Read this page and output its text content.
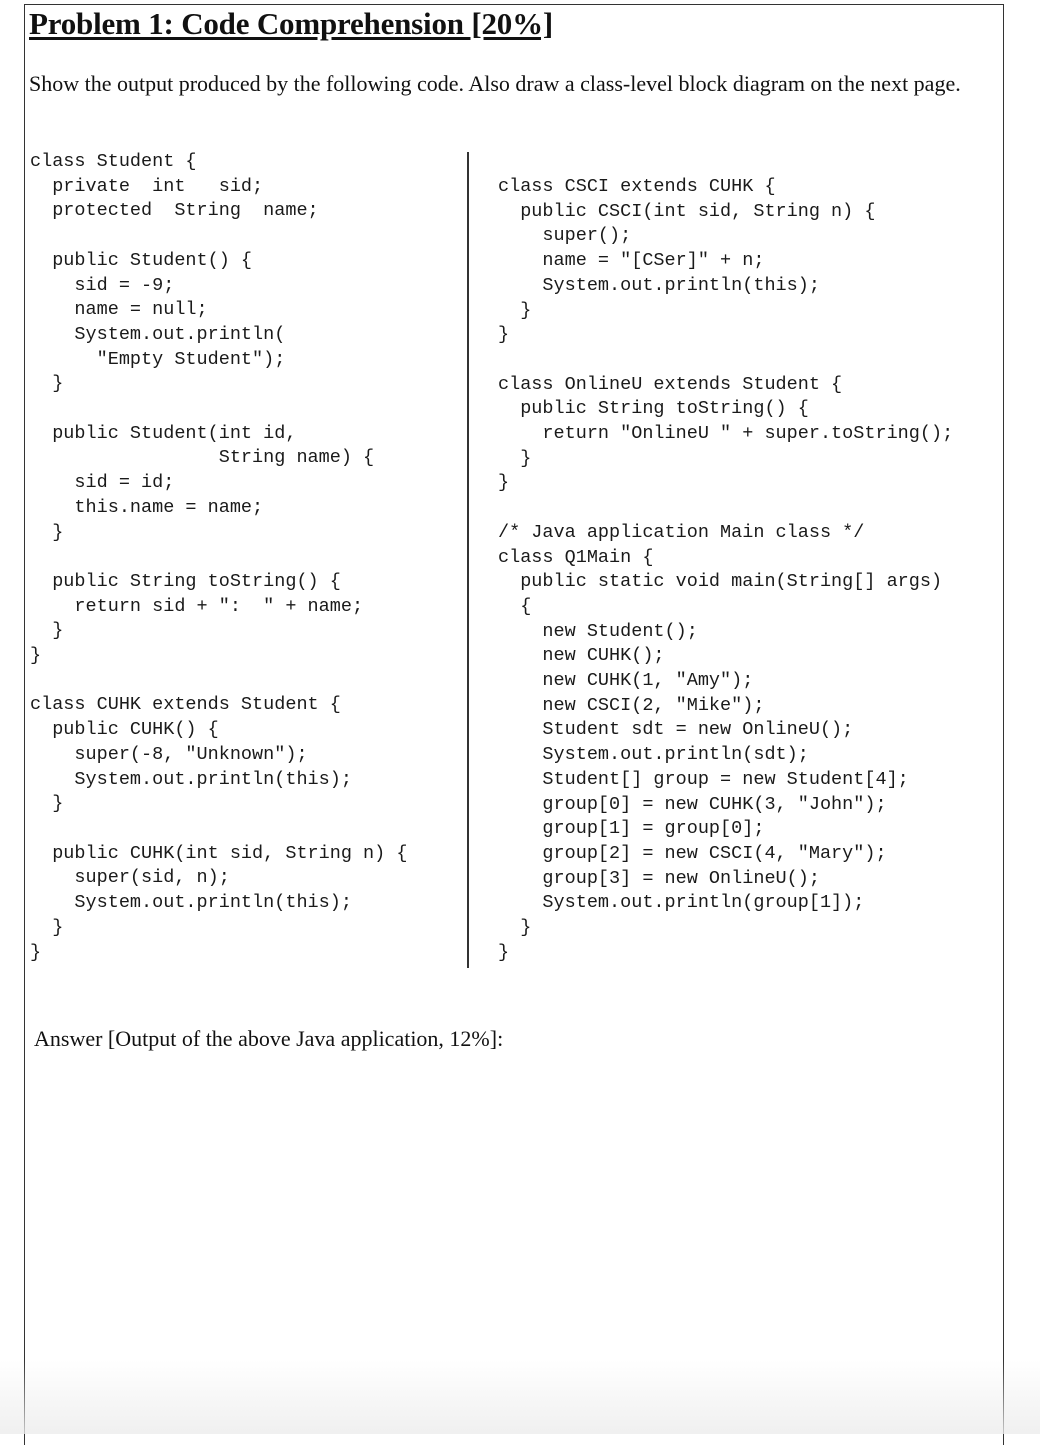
Problem 1: Code Comprehension [20%]
Show the output produced by the following code. Also draw a class-level block diagram on the next page.
class Student {
private  int   sid;
protected  String  name;

public Student() {
sid = -9;
name = null;
System.out.println(
"Empty Student");
}

public Student(int id,
String name) {
sid = id;
this.name = name;
}

public String toString() {
return sid + ":  " + name;
}
}

class CUHK extends Student {
public CUHK() {
super(-8, "Unknown");
System.out.println(this);
}

public CUHK(int sid, String n) {
super(sid, n);
System.out.println(this);
}
}
class CSCI extends CUHK {
public CSCI(int sid, String n) {
super();
name = "[CSer]" + n;
System.out.println(this);
}
}

class OnlineU extends Student {
public String toString() {
return "OnlineU " + super.toString();
}
}

/* Java application Main class */
class Q1Main {
public static void main(String[] args)
{
new Student();
new CUHK();
new CUHK(1, "Amy");
new CSCI(2, "Mike");
Student sdt = new OnlineU();
System.out.println(sdt);
Student[] group = new Student[4];
group[0] = new CUHK(3, "John");
group[1] = group[0];
group[2] = new CSCI(4, "Mary");
group[3] = new OnlineU();
System.out.println(group[1]);
}
}
Answer [Output of the above Java application, 12%]:
